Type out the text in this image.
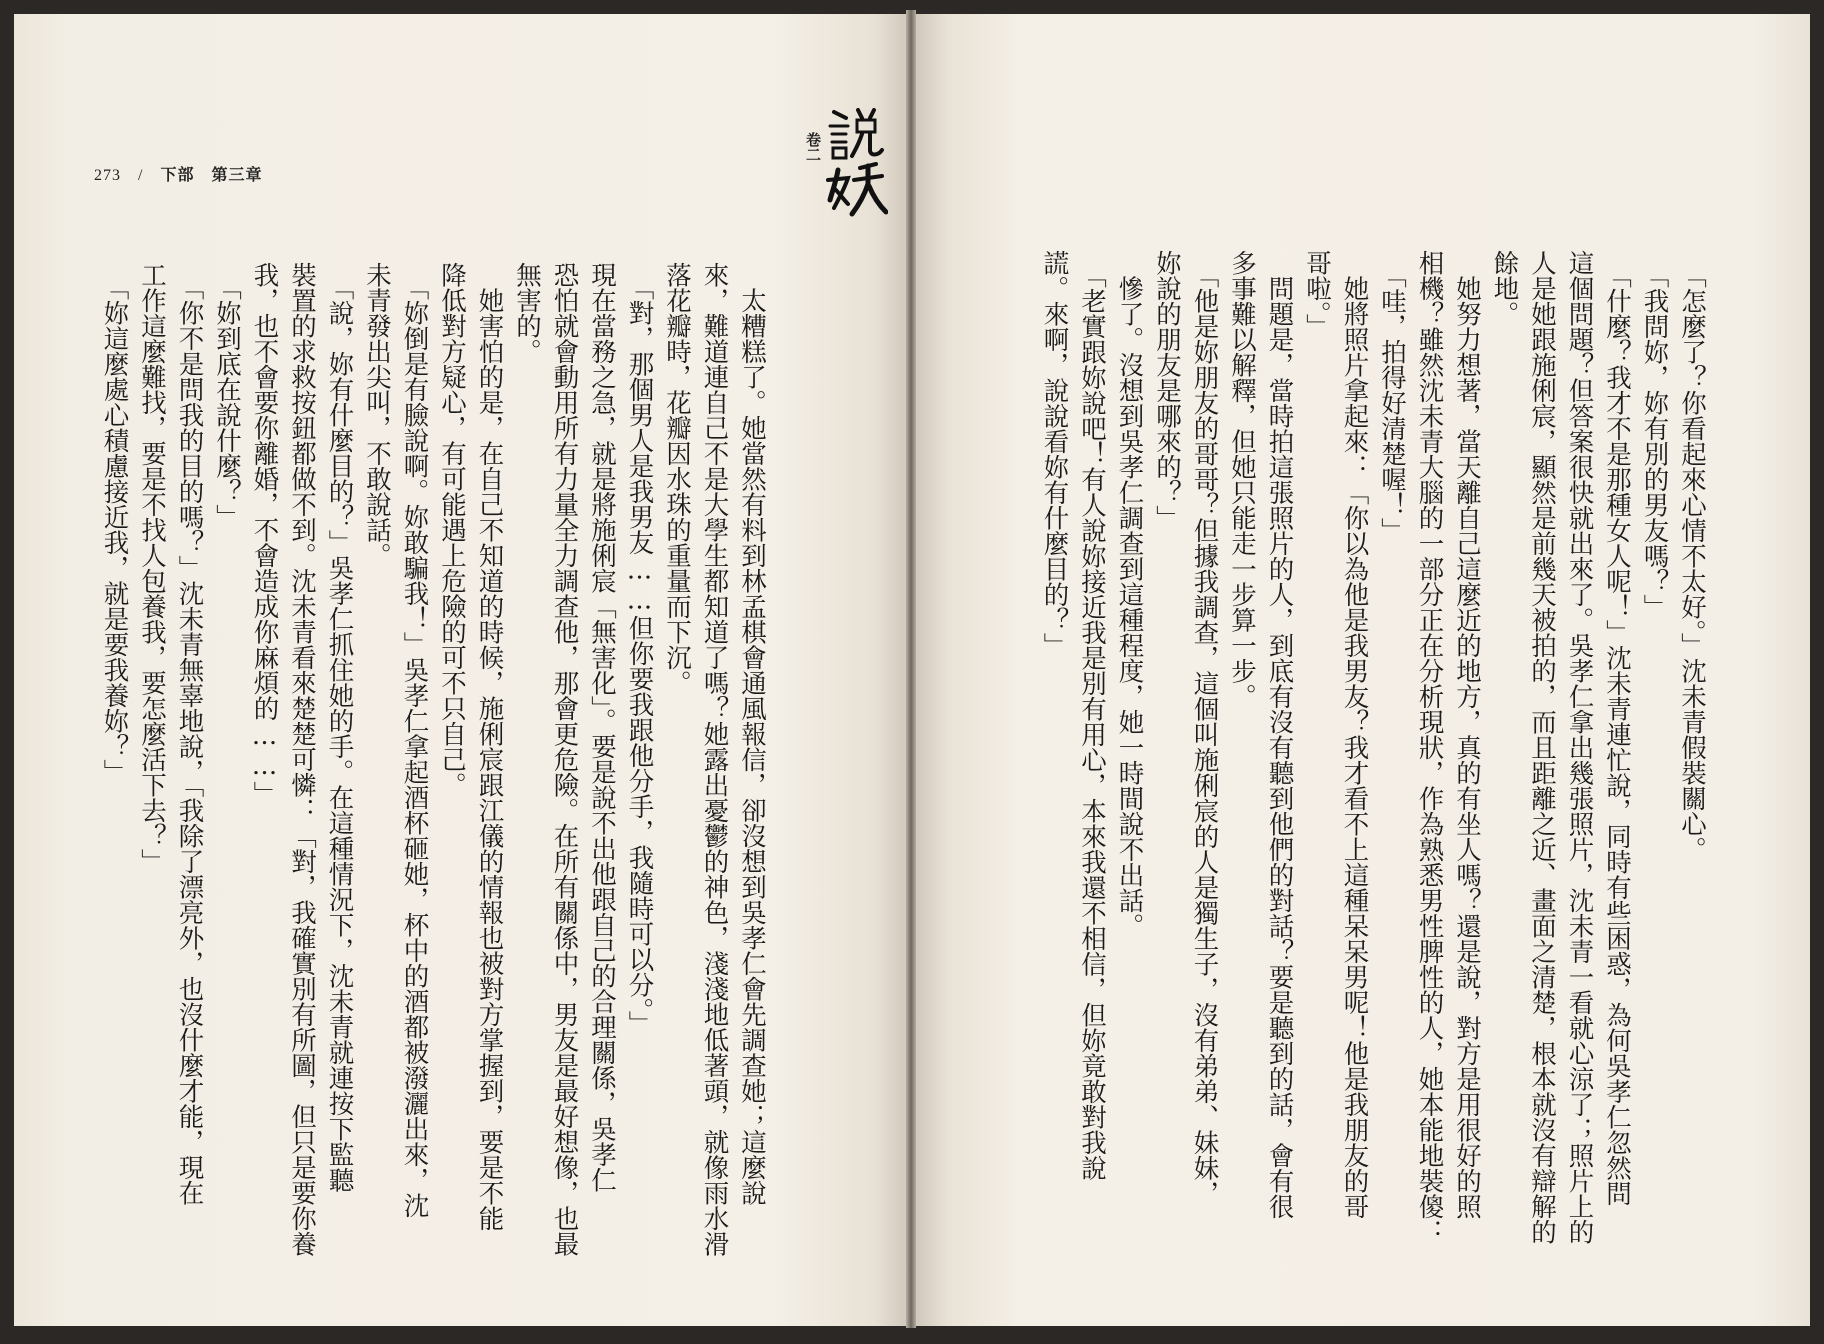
　太糟糕了。她當然有料到林孟棋會通風報信，卻沒想到吳孝仁會先調查她；這麼說

來，難道連自己不是大學生都知道了嗎？她露出憂鬱的神色，淺淺地低著頭，就像雨水滑

落花瓣時，花瓣因水珠的重量而下沉。

　「對，那個男人是我男友……但你要我跟他分手，我隨時可以分。」

現在當務之急，就是將施俐宸「無害化」。要是說不出他跟自己的合理關係，吳孝仁

恐怕就會動用所有力量全力調查他，那會更危險。在所有關係中，男友是最好想像，也最

無害的。

　她害怕的是，在自己不知道的時候，施俐宸跟江儀的情報也被對方掌握到，要是不能

降低對方疑心，有可能遇上危險的可不只自己。

　「妳倒是有臉說啊。妳敢騙我！」吳孝仁拿起酒杯砸她，杯中的酒都被潑灑出來，沈

未青發出尖叫，不敢說話。

　「說，妳有什麼目的？」吳孝仁抓住她的手。在這種情況下，沈未青就連按下監聽

裝置的求救按鈕都做不到。沈未青看來楚楚可憐：「對，我確實別有所圖，但只是要你養

我，也不會要你離婚，不會造成你麻煩的……」

　「妳到底在說什麼？」

　「你不是問我的目的嗎？」沈未青無辜地說，「我除了漂亮外，也沒什麼才能，現在

工作這麼難找，要是不找人包養我，要怎麼活下去？」

　「妳這麼處心積慮接近我，就是要我養妳？」	　「怎麼了？你看起來心情不太好。」沈未青假裝關心。

　「我問妳，妳有別的男友嗎？」

　「什麼？我才不是那種女人呢！」沈未青連忙說，同時有些困惑，為何吳孝仁忽然問

這個問題？但答案很快就出來了。吳孝仁拿出幾張照片，沈未青一看就心涼了；照片上的

人是她跟施俐宸，顯然是前幾天被拍的，而且距離之近、畫面之清楚，根本就沒有辯解的

餘地。

　她努力想著，當天離自己這麼近的地方，真的有坐人嗎？還是說，對方是用很好的照

相機？雖然沈未青大腦的一部分正在分析現狀，作為熟悉男性脾性的人，她本能地裝傻：

　「哇，拍得好清楚喔！」

　她將照片拿起來：「你以為他是我男友？我才看不上這種呆呆男呢！他是我朋友的哥

哥啦。」

　問題是，當時拍這張照片的人，到底有沒有聽到他們的對話？要是聽到的話，會有很

多事難以解釋，但她只能走一步算一步。

　「他是妳朋友的哥哥？但據我調查，這個叫施俐宸的人是獨生子，沒有弟弟、妹妹，

妳說的朋友是哪來的？」

　慘了。沒想到吳孝仁調查到這種程度，她一時間說不出話。

　「老實跟妳說吧！有人說妳接近我是別有用心，本來我還不相信，但妳竟敢對我說

謊。來啊，說說看妳有什麼目的？」

273 / 下部 第三章
卷二
